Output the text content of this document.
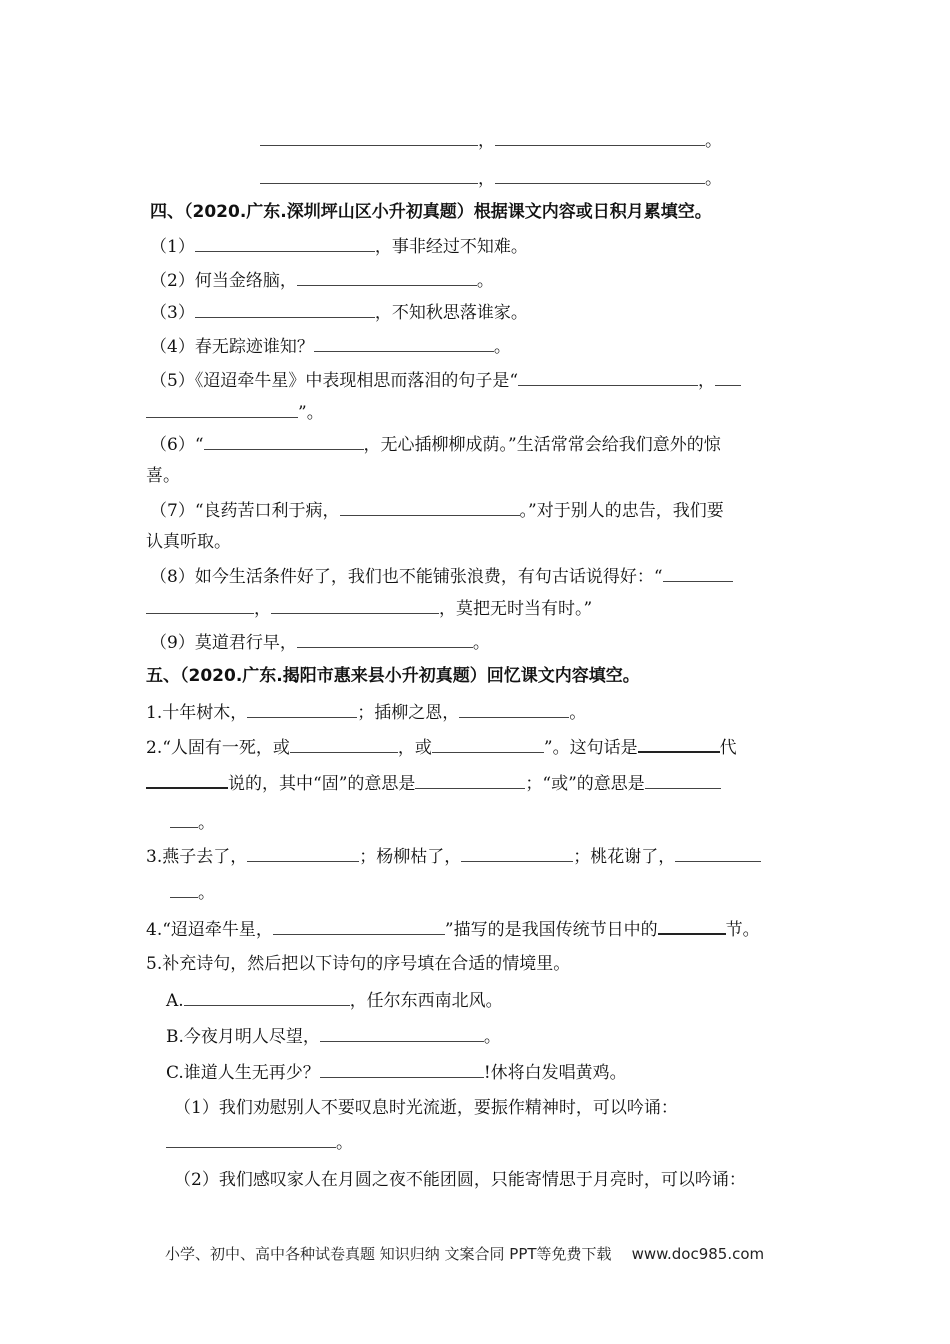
，	。
，	。
四、（2020.广东.深圳坪山区小升初真题）根据课文内容或日积月累填空。
（1）	，事非经过不知难。
（2）何当金络脑，	。
（3）	，不知秋思落谁家。
（4）春无踪迹谁知？	。
（5）《迢迢牵牛星》中表现相思而落泪的句子是“	，
”。
（6）“	，无心插柳柳成荫。”生活常常会给我们意外的惊
喜。
（7）“良药苦口利于病，	。”对于别人的忠告，我们要
认真听取。
（8）如今生活条件好了，我们也不能铺张浪费，有句古话说得好：“
，	，莫把无时当有时。”
（9）莫道君行早，	。
五、（2020.广东.揭阳市惠来县小升初真题）回忆课文内容填空。
1.十年树木，	；插柳之恩，	。
2.“人固有一死，或	，或	”。这句话是	代
说的，其中“固”的意思是	；“或”的意思是
。
3.燕子去了，	；杨柳枯了，	；桃花谢了，
。
4.“迢迢牵牛星，	”描写的是我国传统节日中的	节。
5.补充诗句，然后把以下诗句的序号填在合适的情境里。
A.	，任尔东西南北风。
B.今夜月明人尽望，	。
C.谁道人生无再少？	!休将白发唱黄鸡。
（1）我们劝慰别人不要叹息时光流逝，要振作精神时，可以吟诵：
。
（2）我们感叹家人在月圆之夜不能团圆，只能寄情思于月亮时，可以吟诵：
小学、初中、高中各种试卷真题 知识归纳 文案合同 PPT等免费下载 www.doc985.com
